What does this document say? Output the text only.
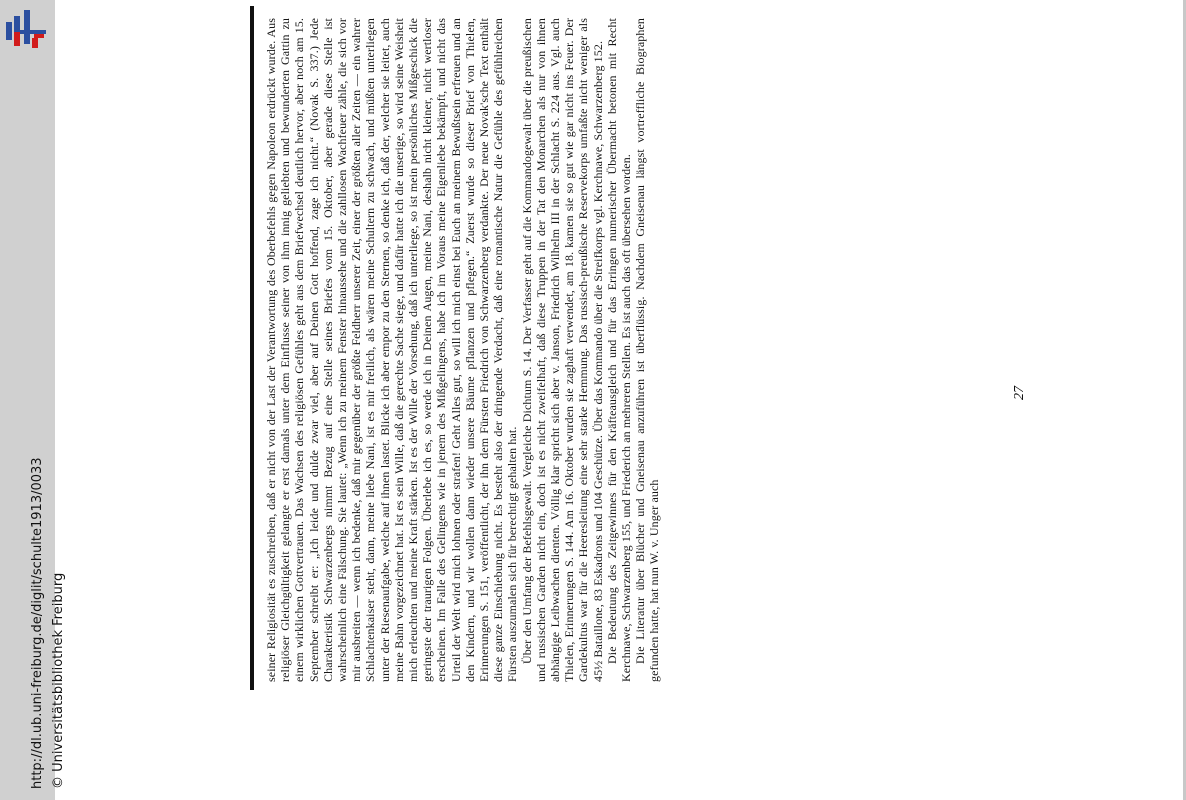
http://dl.ub.uni-freiburg.de/diglit/schulte1913/0033 © Universitätsbibliothek Freiburg	seiner Religiosität es zuschreiben, daß er nicht von der Last der Verantwortung des Oberbefehls gegen Napoleon erdrückt wurde. Aus religiöser Gleichgültigkeit gelangte er erst damals unter dem Einflusse seiner von ihm innig geliebten und bewunderten Gattin zu einem wirklichen Gottvertrauen. Das Wachsen des religiösen Gefühles geht aus dem Briefwechsel deutlich hervor, aber noch am 15. September schreibt er: „Ich leide und dulde zwar viel, aber auf Deinen Gott hoffend, zage ich nicht.“ (Novak S. 337.) Jede Charakteristik Schwarzenbergs nimmt Bezug auf eine Stelle seines Briefes vom 15. Oktober, aber gerade diese Stelle ist wahrscheinlich eine Fälschung. Sie lautet: „Wenn ich zu meinem Fenster hinaussehe und die zahllosen Wachfeuer zähle, die sich vor mir ausbreiten — wenn ich bedenke, daß mir gegenüber der größte Feldherr unserer Zeit, einer der größten aller Zeiten — ein wahrer Schlachtenkaiser steht, dann, meine liebe Nani, ist es mir freilich, als wären meine Schultern zu schwach, und müßten unterliegen unter der Riesenaufgabe, welche auf ihnen lastet. Blicke ich aber empor zu den Sternen, so denke ich, daß der, welcher sie leitet, auch meine Bahn vorgezeichnet hat. Ist es sein Wille, daß die gerechte Sache siege, und dafür hatte ich die unserige, so wird seine Weisheit mich erleuchten und meine Kraft stärken. Ist es der Wille der Vorsehung, daß ich unterliege, so ist mein persönliches Mißgeschick die geringste der traurigen Folgen. Überlebe ich es, so werde ich in Deinen Augen, meine Nani, deshalb nicht kleiner, nicht wertloser erscheinen. Im Falle des Gelingens wie in jenem des Mißgelingens, habe ich im Voraus meine Eigenliebe bekämpft, und nicht das Urteil der Welt wird mich lohnen oder strafen! Geht Alles gut, so will ich mich einst bei Euch an meinem Bewußtsein erfreuen und an den Kindern, und wir wollen dann wieder unsere Bäume pflanzen und pflegen.“ Zuerst wurde so dieser Brief von Thielen, Erinnerungen S. 151, veröffentlicht, der ihn dem Fürsten Friedrich von Schwarzenberg verdankte. Der neue Novak'sche Text enthält diese ganze Einschiebung nicht. Es besteht also der dringende Verdacht, daß eine romantische Natur die Gefühle des gefühlreichen Fürsten auszumalen sich für berechtigt gehalten hat. Über den Umfang der Befehlsgewalt. Vergleiche Dichtum S. 14. Der Verfasser geht auf die Kommandogewalt über die preußischen und russischen Garden nicht ein, doch ist es nicht zweifelhaft, daß diese Truppen in der Tat den Monarchen als nur von ihnen abhängige Leibwachen dienten. Völlig klar spricht sich aber v. Janson, Friedrich Wilhelm III in der Schlacht S. 224 aus. Vgl. auch Thielen, Erinnerungen S. 144. Am 16. Oktober wurden sie zaghaft verwendet, am 18. kamen sie so gut wie gar nicht ins Feuer. Der Gardekultus war für die Heeresleitung eine sehr starke Hemmung. Das russisch-preußische Reservekorps umfaßte nicht weniger als 45½ Bataillone, 83 Eskadrons und 104 Geschütze. Über das Kommando über die Streifkorps vgl. Kerchnawe, Schwarzenberg 152. Die Bedeutung des Zeitgewinnes für den Kräfteausgleich und für das Erringen numerischer Übermacht betonen mit Recht Kerchnawe, Schwarzenberg 155, und Friederich an mehreren Stellen. Es ist auch das oft übersehen worden. Die Literatur über Blücher und Gneisenau anzuführen ist überflüssig. Nachdem Gneisenau längst vortreffliche Biographen gefunden hatte, hat nun W. v. Unger auch

27
